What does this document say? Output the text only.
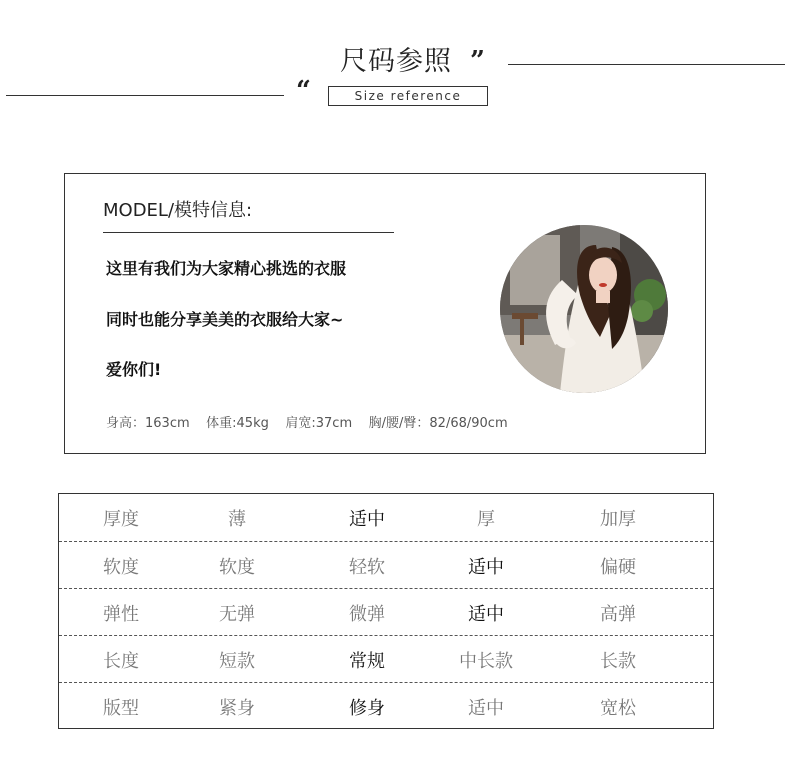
“
尺码参照 ”
Size reference
MODEL/模特信息:
这里有我们为大家精心挑选的衣服
同时也能分享美美的衣服给大家~
爱你们!
身高：163cm    体重:45kg    肩宽:37cm    胸/腰/臀：82/68/90cm
厚度	薄	适中	厚	加厚
软度	软度	轻软	适中	偏硬
弹性	无弹	微弹	适中	高弹
长度	短款	常规	中长款	长款
版型	紧身	修身	适中	宽松
